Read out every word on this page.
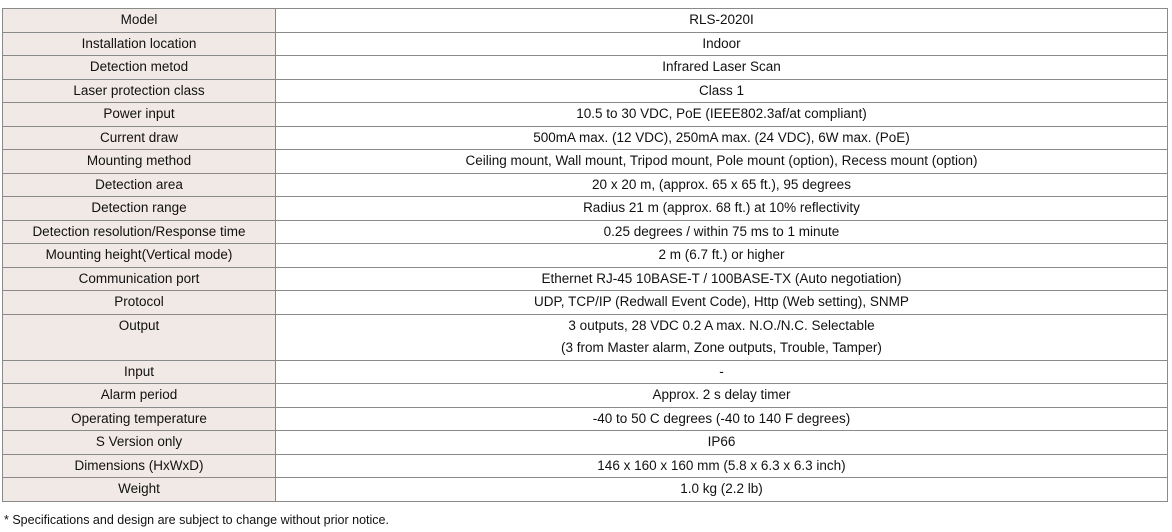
Model	RLS-2020I
Installation location	Indoor
Detection metod	Infrared Laser Scan
Laser protection class	Class 1
Power input	10.5 to 30 VDC, PoE (IEEE802.3af/at compliant)
Current draw	500mA max. (12 VDC), 250mA max. (24 VDC), 6W max. (PoE)
Mounting method	Ceiling mount, Wall mount, Tripod mount, Pole mount (option), Recess mount (option)
Detection area	20 x 20 m, (approx. 65 x 65 ft.), 95 degrees
Detection range	Radius 21 m (approx. 68 ft.) at 10% reflectivity
Detection resolution/Response time	0.25 degrees / within 75 ms to 1 minute
Mounting height(Vertical mode)	2 m (6.7 ft.) or higher
Communication port	Ethernet RJ-45 10BASE-T / 100BASE-TX (Auto negotiation)
Protocol	UDP, TCP/IP (Redwall Event Code), Http (Web setting), SNMP
Output	3 outputs, 28 VDC 0.2 A max. N.O./N.C. Selectable
(3 from Master alarm, Zone outputs, Trouble, Tamper)

Input	-
Alarm period	Approx. 2 s delay timer
Operating temperature	-40 to 50 C degrees (-40 to 140 F degrees)
S Version only	IP66
Dimensions (HxWxD)	146 x 160 x 160 mm (5.8 x 6.3 x 6.3 inch)
Weight	1.0 kg (2.2 lb)
* Specifications and design are subject to change without prior notice.
